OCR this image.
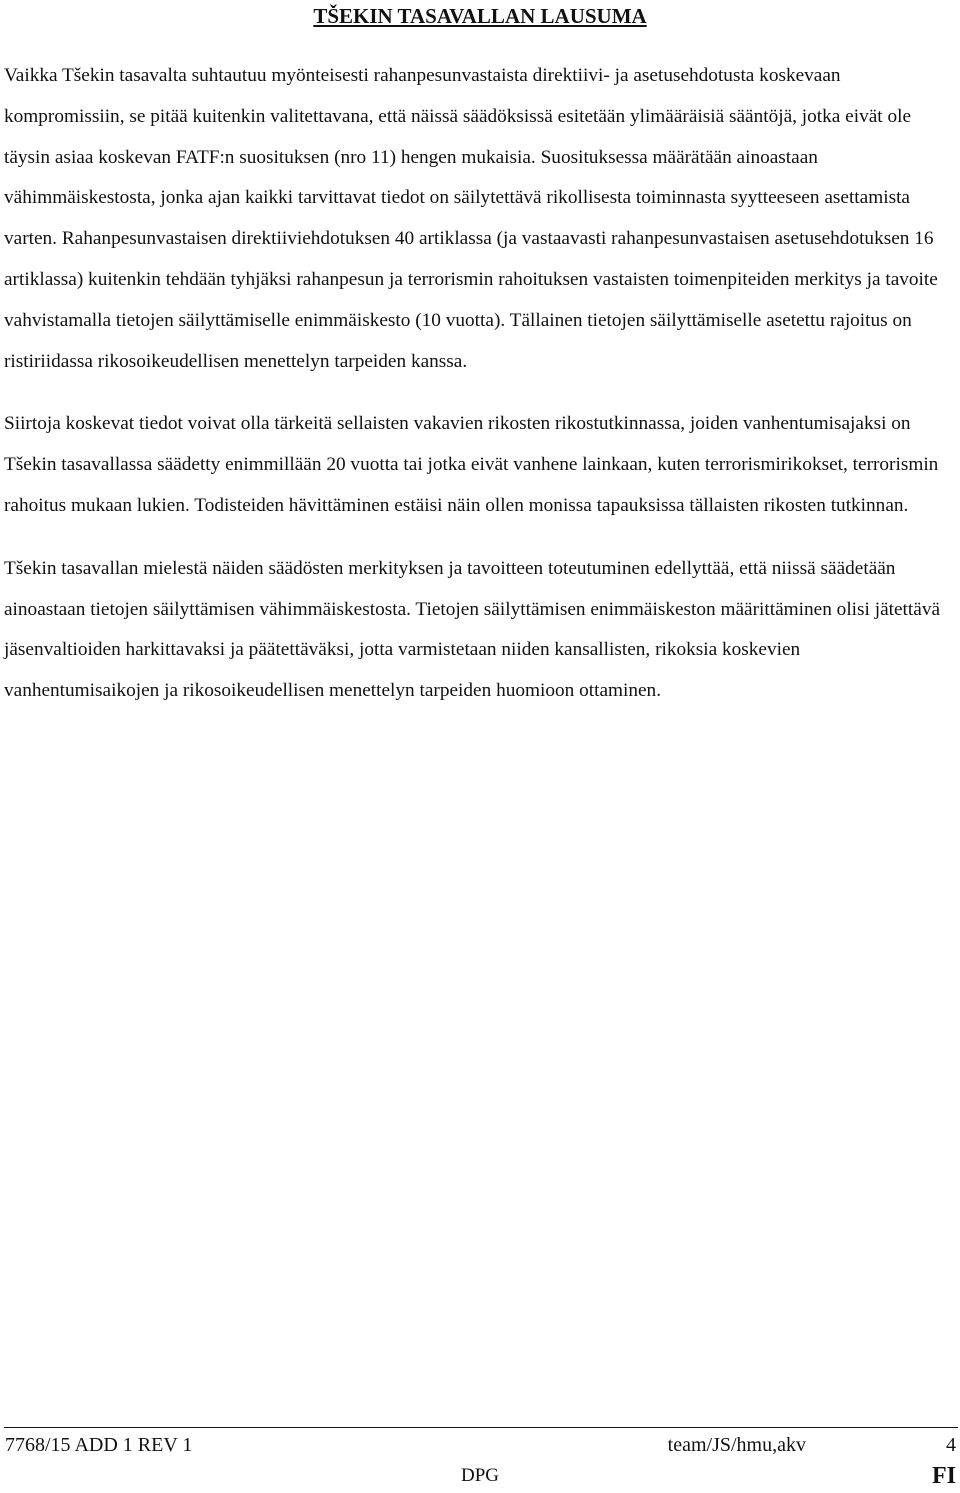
TŠEKIN TASAVALLAN LAUSUMA

Vaikka Tšekin tasavalta suhtautuu myönteisesti rahanpesunvastaista direktiivi- ja asetusehdotusta koskevaan kompromissiin, se pitää kuitenkin valitettavana, että näissä säädöksissä esitetään ylimääräisiä sääntöjä, jotka eivät ole täysin asiaa koskevan FATF:n suosituksen (nro 11) hengen mukaisia. Suosituksessa määrätään ainoastaan vähimmäiskestosta, jonka ajan kaikki tarvittavat tiedot on säilytettävä rikollisesta toiminnasta syytteeseen asettamista varten. Rahanpesunvastaisen direktiiviehdotuksen 40 artiklassa (ja vastaavasti rahanpesunvastaisen asetusehdotuksen 16 artiklassa) kuitenkin tehdään tyhjäksi rahanpesun ja terrorismin rahoituksen vastaisten toimenpiteiden merkitys ja tavoite vahvistamalla tietojen säilyttämiselle enimmäiskesto (10 vuotta). Tällainen tietojen säilyttämiselle asetettu rajoitus on ristiriidassa rikosoikeudellisen menettelyn tarpeiden kanssa.

Siirtoja koskevat tiedot voivat olla tärkeitä sellaisten vakavien rikosten rikostutkinnassa, joiden vanhentumisajaksi on Tšekin tasavallassa säädetty enimmillään 20 vuotta tai jotka eivät vanhene lainkaan, kuten terrorismirikokset, terrorismin rahoitus mukaan lukien. Todisteiden hävittäminen estäisi näin ollen monissa tapauksissa tällaisten rikosten tutkinnan.

Tšekin tasavallan mielestä näiden säädösten merkityksen ja tavoitteen toteutuminen edellyttää, että niissä säädetään ainoastaan tietojen säilyttämisen vähimmäiskestosta. Tietojen säilyttämisen enimmäiskeston määrittäminen olisi jätettävä jäsenvaltioiden harkittavaksi ja päätettäväksi, jotta varmistetaan niiden kansallisten, rikoksia koskevien vanhentumisaikojen ja rikosoikeudellisen menettelyn tarpeiden huomioon ottaminen.

7768/15 ADD 1 REV 1	team/JS/hmu,akv	4
DPG	FI
